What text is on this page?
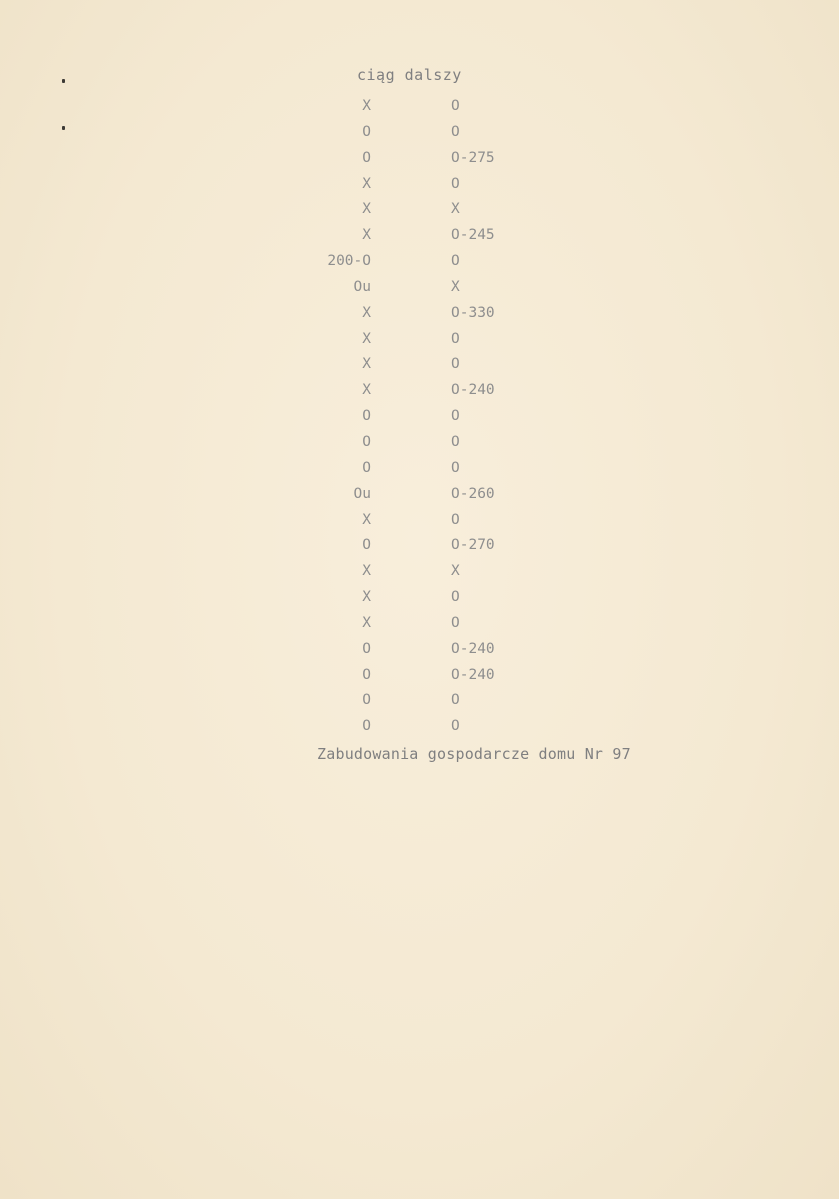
ciąg dalszy
X	O
O	O
O	O-275
X	O
X	X
X	O-245
200-O	O
Ou	X
X	O-330
X	O
X	O
X	O-240
O	O
O	O
O	O
Ou	O-260
X	O
O	O-270
X	X
X	O
X	O
O	O-240
O	O-240
O	O
O	O
Zabudowania gospodarcze domu Nr 97
